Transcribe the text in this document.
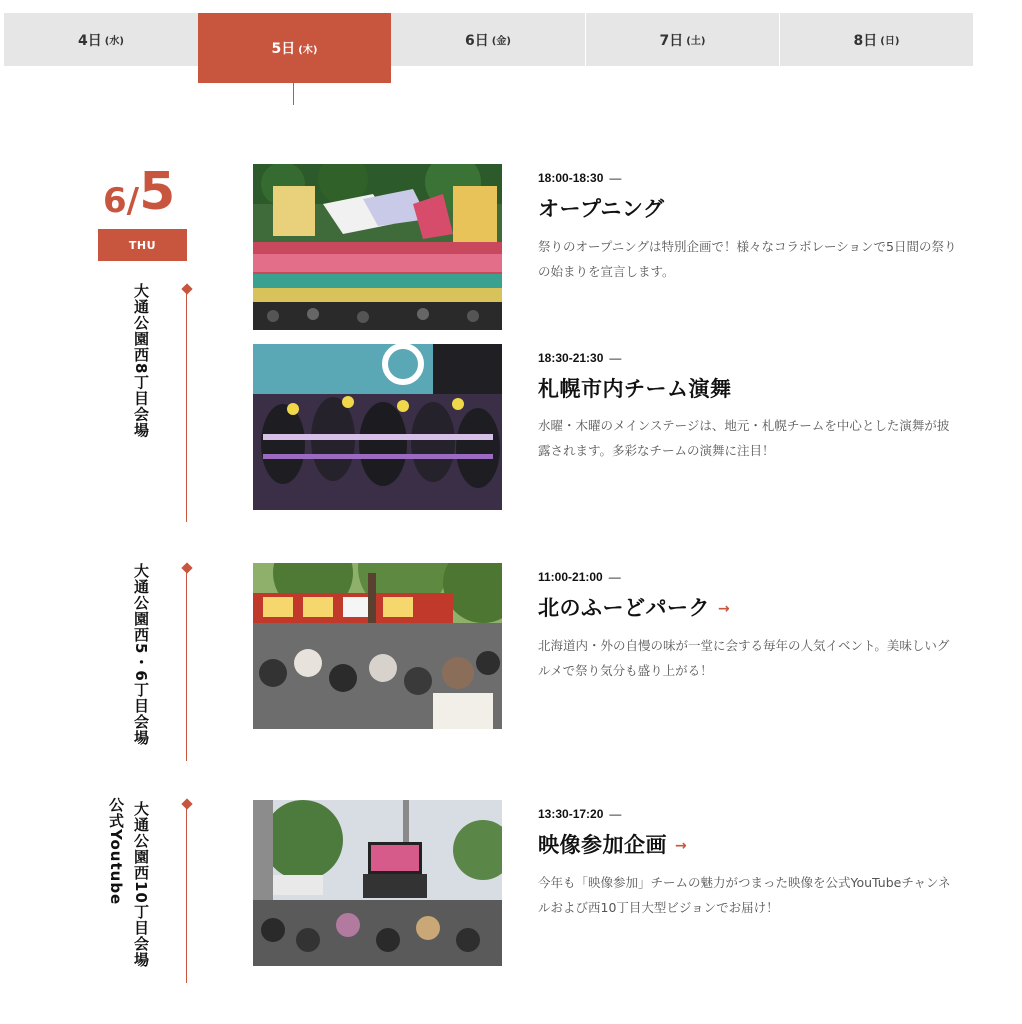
4日 (水)	5日 (木)
6日 (金)	7日 (土)	8日 (日)
6/5
THU
大通公園西8丁目会場
大通公園西5・6丁目会場
大通公園西10丁目会場
公式Youtube
18:00-18:30 —
オープニング
祭りのオープニングは特別企画で！様々なコラボレーションで5日間の祭りの始まりを宣言します。
18:30-21:30 —
札幌市内チーム演舞
水曜・木曜のメインステージは、地元・札幌チームを中心とした演舞が披露されます。多彩なチームの演舞に注目！
11:00-21:00 —
北のふーどパーク →
北海道内・外の自慢の味が一堂に会する毎年の人気イベント。美味しいグルメで祭り気分も盛り上がる！
13:30-17:20 —
映像参加企画 →
今年も「映像参加」チームの魅力がつまった映像を公式YouTubeチャンネルおよび西10丁目大型ビジョンでお届け！
